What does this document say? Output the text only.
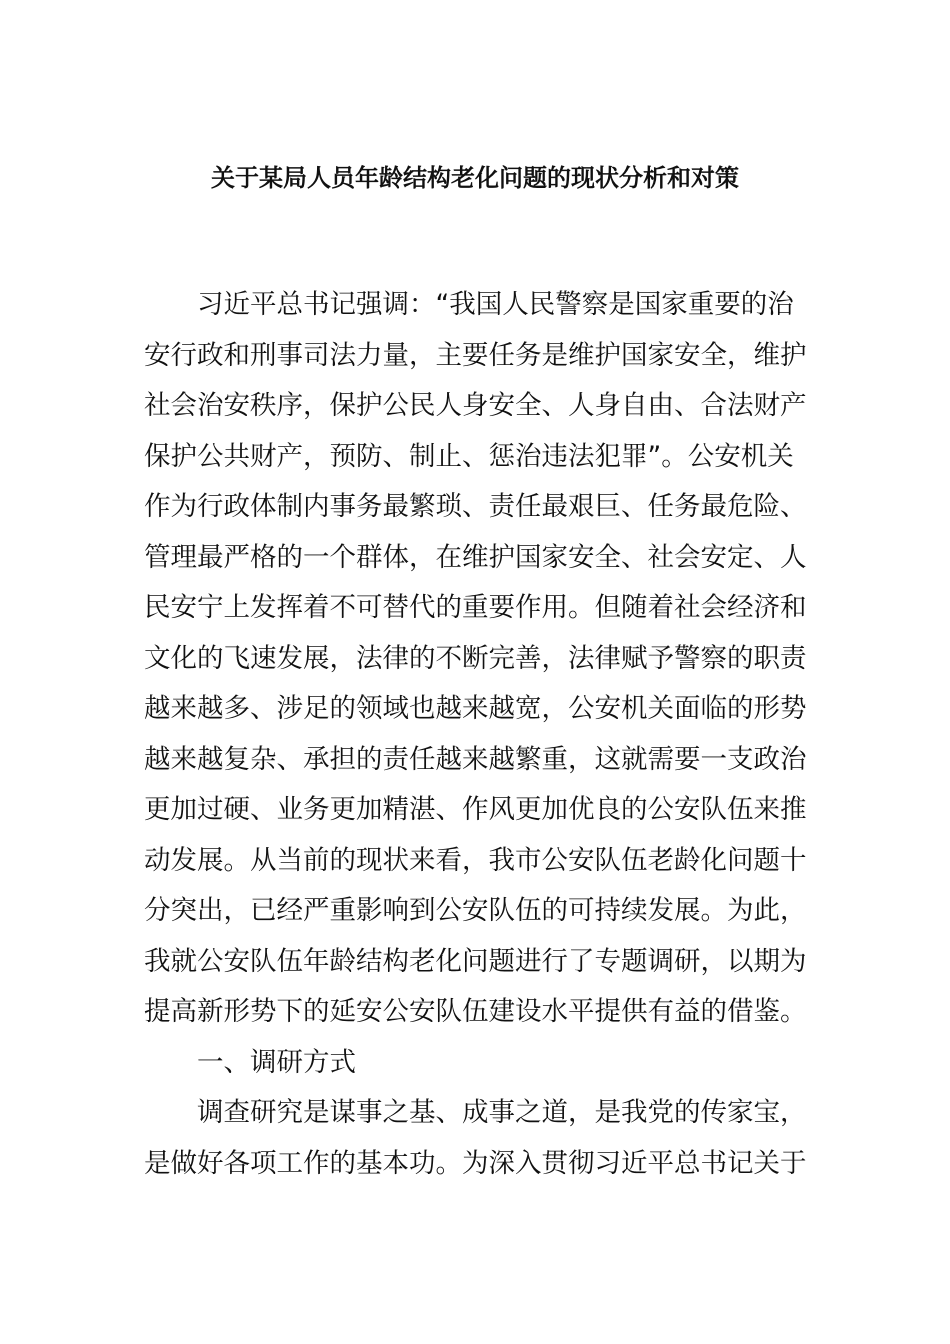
关于某局人员年龄结构老化问题的现状分析和对策
习近平总书记强调：“我国人民警察是国家重要的治
安行政和刑事司法力量，主要任务是维护国家安全，维护
社会治安秩序，保护公民人身安全、人身自由、合法财产
保护公共财产，预防、制止、惩治违法犯罪”。公安机关
作为行政体制内事务最繁琐、责任最艰巨、任务最危险、
管理最严格的一个群体，在维护国家安全、社会安定、人
民安宁上发挥着不可替代的重要作用。但随着社会经济和
文化的飞速发展，法律的不断完善，法律赋予警察的职责
越来越多、涉足的领域也越来越宽，公安机关面临的形势
越来越复杂、承担的责任越来越繁重，这就需要一支政治
更加过硬、业务更加精湛、作风更加优良的公安队伍来推
动发展。从当前的现状来看，我市公安队伍老龄化问题十
分突出，已经严重影响到公安队伍的可持续发展。为此，
我就公安队伍年龄结构老化问题进行了专题调研，以期为
提高新形势下的延安公安队伍建设水平提供有益的借鉴。
一、调研方式
调查研究是谋事之基、成事之道，是我党的传家宝，
是做好各项工作的基本功。为深入贯彻习近平总书记关于
